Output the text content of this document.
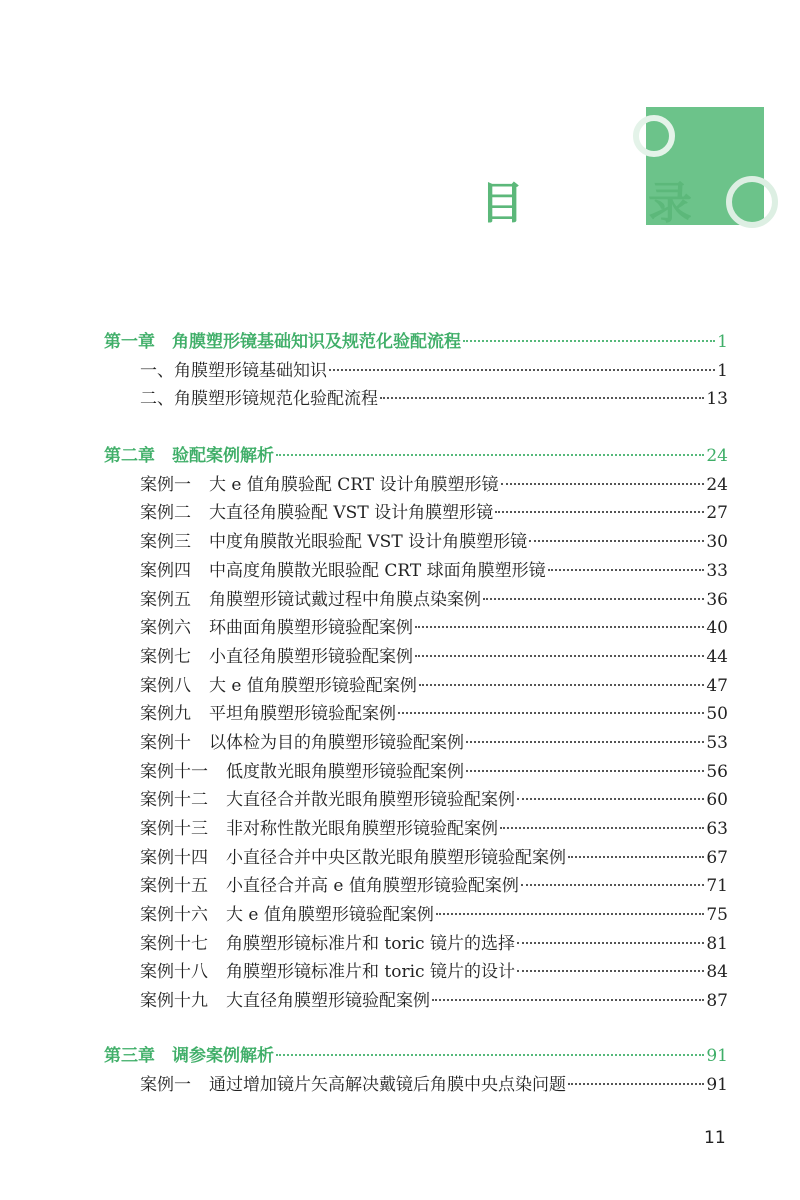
目　录
第一章　角膜塑形镜基础知识及规范化验配流程	1
一、角膜塑形镜基础知识	1
二、角膜塑形镜规范化验配流程	13
第二章　验配案例解析	24
案例一 大 e 值角膜验配 CRT 设计角膜塑形镜	24
案例二 大直径角膜验配 VST 设计角膜塑形镜	27
案例三 中度角膜散光眼验配 VST 设计角膜塑形镜	30
案例四 中高度角膜散光眼验配 CRT 球面角膜塑形镜	33
案例五 角膜塑形镜试戴过程中角膜点染案例	36
案例六 环曲面角膜塑形镜验配案例	40
案例七 小直径角膜塑形镜验配案例	44
案例八 大 e 值角膜塑形镜验配案例	47
案例九 平坦角膜塑形镜验配案例	50
案例十 以体检为目的角膜塑形镜验配案例	53
案例十一 低度散光眼角膜塑形镜验配案例	56
案例十二 大直径合并散光眼角膜塑形镜验配案例	60
案例十三 非对称性散光眼角膜塑形镜验配案例	63
案例十四 小直径合并中央区散光眼角膜塑形镜验配案例	67
案例十五 小直径合并高 e 值角膜塑形镜验配案例	71
案例十六 大 e 值角膜塑形镜验配案例	75
案例十七 角膜塑形镜标准片和 toric 镜片的选择	81
案例十八 角膜塑形镜标准片和 toric 镜片的设计	84
案例十九 大直径角膜塑形镜验配案例	87
第三章　调参案例解析	91
案例一 通过增加镜片矢高解决戴镜后角膜中央点染问题	91
11
